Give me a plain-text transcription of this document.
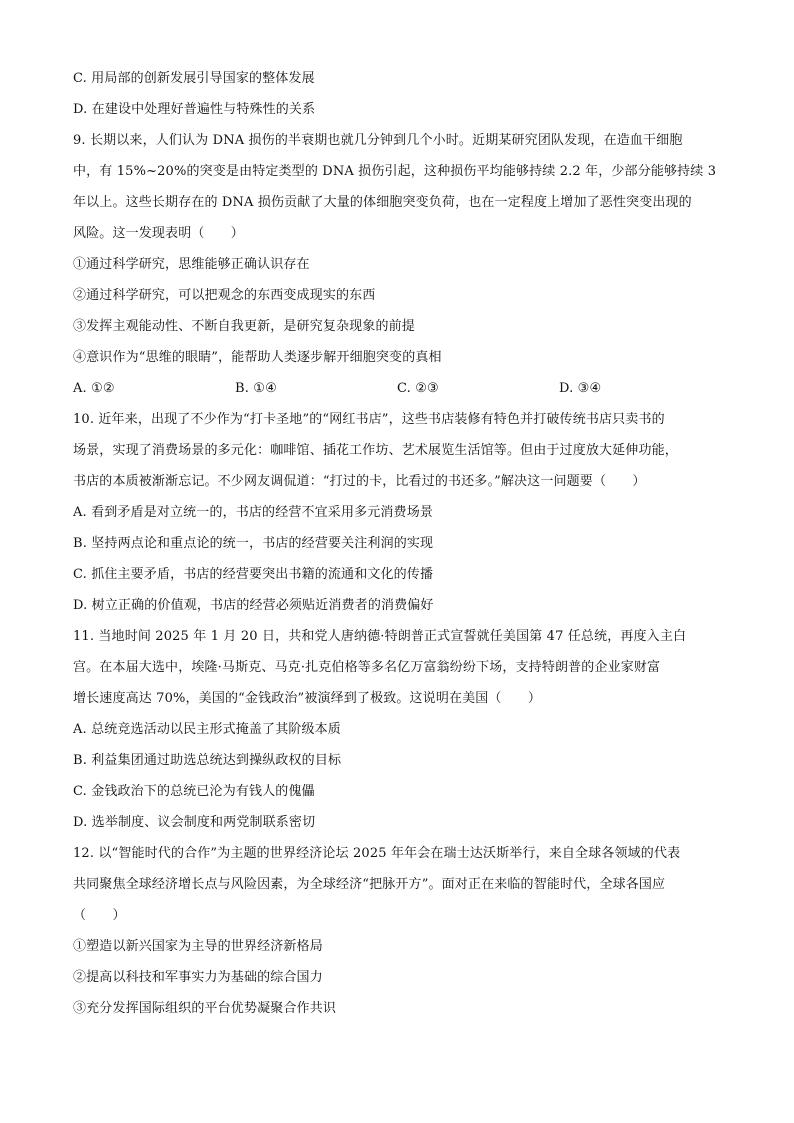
C. 用局部的创新发展引导国家的整体发展
D. 在建设中处理好普遍性与特殊性的关系
9. 长期以来，人们认为 DNA 损伤的半衰期也就几分钟到几个小时。近期某研究团队发现，在造血干细胞
中，有 15%~20%的突变是由特定类型的 DNA 损伤引起，这种损伤平均能够持续 2.2 年，少部分能够持续 3
年以上。这些长期存在的 DNA 损伤贡献了大量的体细胞突变负荷，也在一定程度上增加了恶性突变出现的
风险。这一发现表明（　　）
①通过科学研究，思维能够正确认识存在
②通过科学研究，可以把观念的东西变成现实的东西
③发挥主观能动性、不断自我更新，是研究复杂现象的前提
④意识作为“思维的眼睛”，能帮助人类逐步解开细胞突变的真相
A. ①②	B. ①④	C. ②③	D. ③④
10. 近年来，出现了不少作为“打卡圣地”的“网红书店”，这些书店装修有特色并打破传统书店只卖书的
场景，实现了消费场景的多元化：咖啡馆、插花工作坊、艺术展览生活馆等。但由于过度放大延伸功能，
书店的本质被渐渐忘记。不少网友调侃道：“打过的卡，比看过的书还多。”解决这一问题要（　　）
A. 看到矛盾是对立统一的，书店的经营不宜采用多元消费场景
B. 坚持两点论和重点论的统一，书店的经营要关注利润的实现
C. 抓住主要矛盾，书店的经营要突出书籍的流通和文化的传播
D. 树立正确的价值观，书店的经营必须贴近消费者的消费偏好
11. 当地时间 2025 年 1 月 20 日，共和党人唐纳德·特朗普正式宣誓就任美国第 47 任总统，再度入主白
宫。在本届大选中，埃隆·马斯克、马克·扎克伯格等多名亿万富翁纷纷下场，支持特朗普的企业家财富
增长速度高达 70%，美国的“金钱政治”被演绎到了极致。这说明在美国（　　）
A. 总统竞选活动以民主形式掩盖了其阶级本质
B. 利益集团通过助选总统达到操纵政权的目标
C. 金钱政治下的总统已沦为有钱人的傀儡
D. 选举制度、议会制度和两党制联系密切
12. 以“智能时代的合作”为主题的世界经济论坛 2025 年年会在瑞士达沃斯举行，来自全球各领域的代表
共同聚焦全球经济增长点与风险因素，为全球经济“把脉开方”。面对正在来临的智能时代，全球各国应
（　　）
①塑造以新兴国家为主导的世界经济新格局
②提高以科技和军事实力为基础的综合国力
③充分发挥国际组织的平台优势凝聚合作共识
